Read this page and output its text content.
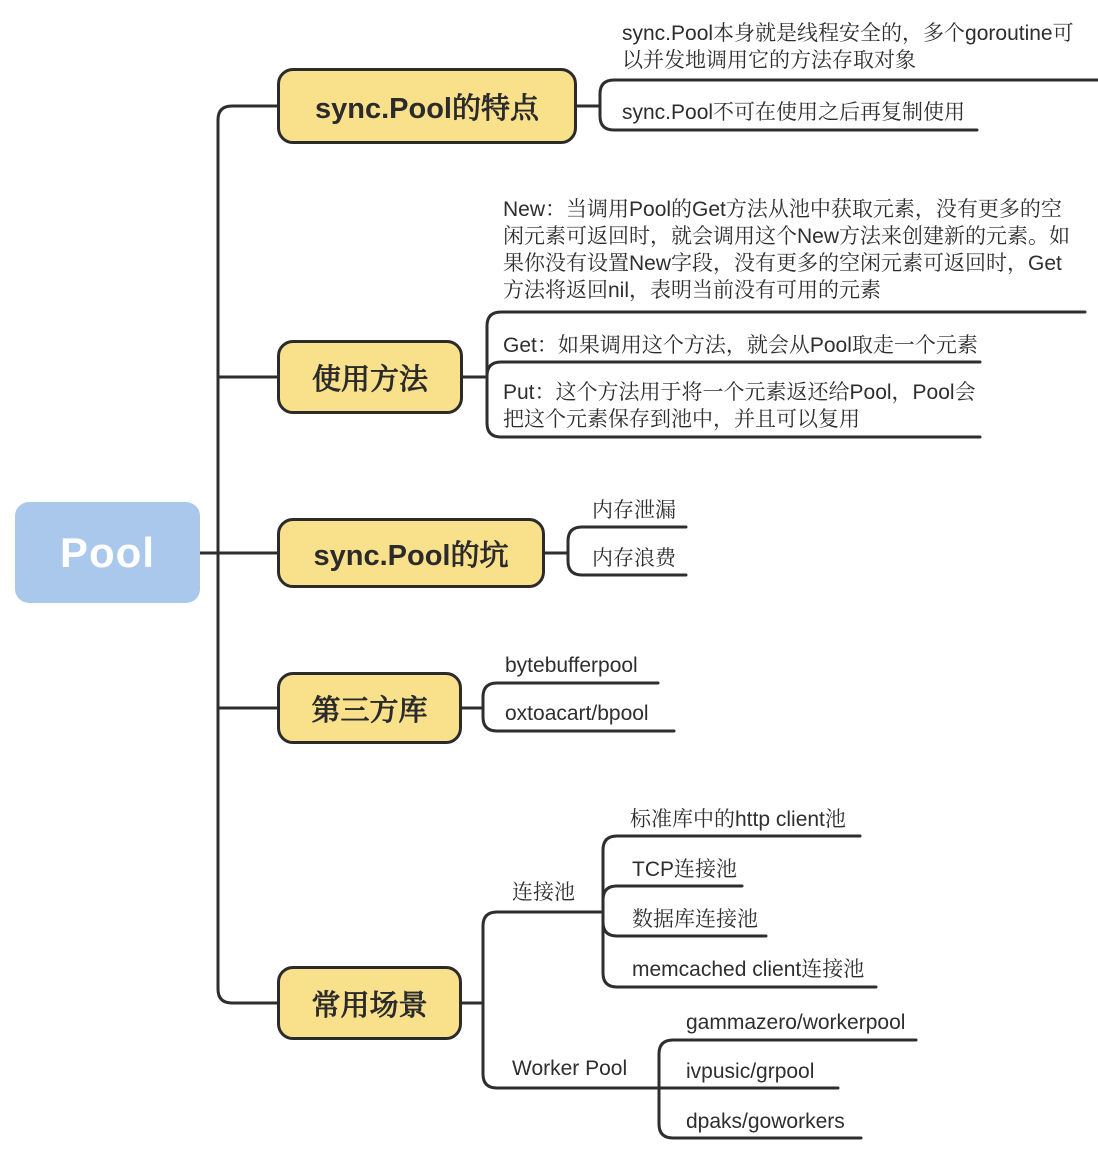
Pool
sync.Pool的特点
使用方法
sync.Pool的坑
第三方库
常用场景
sync.Pool本身就是线程安全的，多个goroutine可以并发地调用它的方法存取对象
sync.Pool不可在使用之后再复制使用
New：当调用Pool的Get方法从池中获取元素，没有更多的空闲元素可返回时，就会调用这个New方法来创建新的元素。如果你没有设置New字段，没有更多的空闲元素可返回时，Get方法将返回nil，表明当前没有可用的元素
Get：如果调用这个方法，就会从Pool取走一个元素
Put：这个方法用于将一个元素返还给Pool，Pool会把这个元素保存到池中，并且可以复用
内存泄漏
内存浪费
bytebufferpool
oxtoacart/bpool
连接池
Worker Pool
标准库中的http client池
TCP连接池
数据库连接池
memcached client连接池
gammazero/workerpool
ivpusic/grpool
dpaks/goworkers
